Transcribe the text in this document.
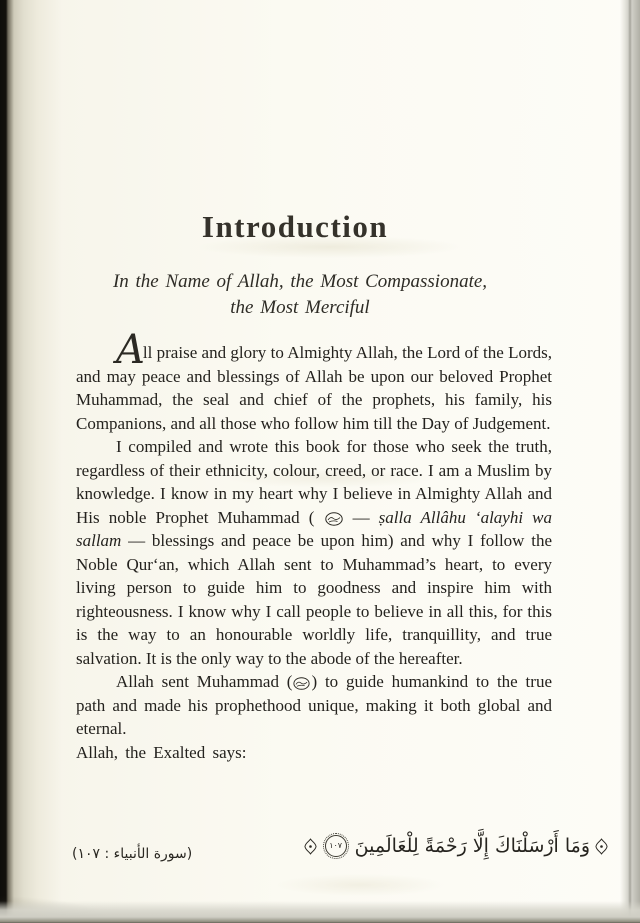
Introduction
In the Name of Allah, the Most Compassionate,
the Most Merciful

All praise and glory to Almighty Allah, the Lord of the Lords, and may peace and blessings of Allah be upon our beloved Prophet Muhammad, the seal and chief of the prophets, his family, his Companions, and all those who follow him till the Day of Judgement.

I compiled and wrote this book for those who seek the truth, regardless of their ethnicity, colour, creed, or race. I am a Muslim by knowledge. I know in my heart why I believe in Almighty Allah and His noble Prophet Muhammad (  — ṣalla Allâhu ‘alayhi wa sallam — blessings and peace be upon him) and why I follow the Noble Qur‘an, which Allah sent to Muhammad’s heart, to every living person to guide him to goodness and inspire him with righteousness. I know why I call people to believe in all this, for this is the way to an honourable worldly life, tranquillity, and true salvation. It is the only way to the abode of the hereafter.

Allah sent Muhammad ( ) to guide humankind to the true path and made his prophethood unique, making it both global and eternal.

Allah, the Exalted says:

(سورة الأنبياء : ١٠٧)	وَمَا أَرْسَلْنَاكَ إِلَّا رَحْمَةً لِلْعَالَمِينَ
١٠٧
